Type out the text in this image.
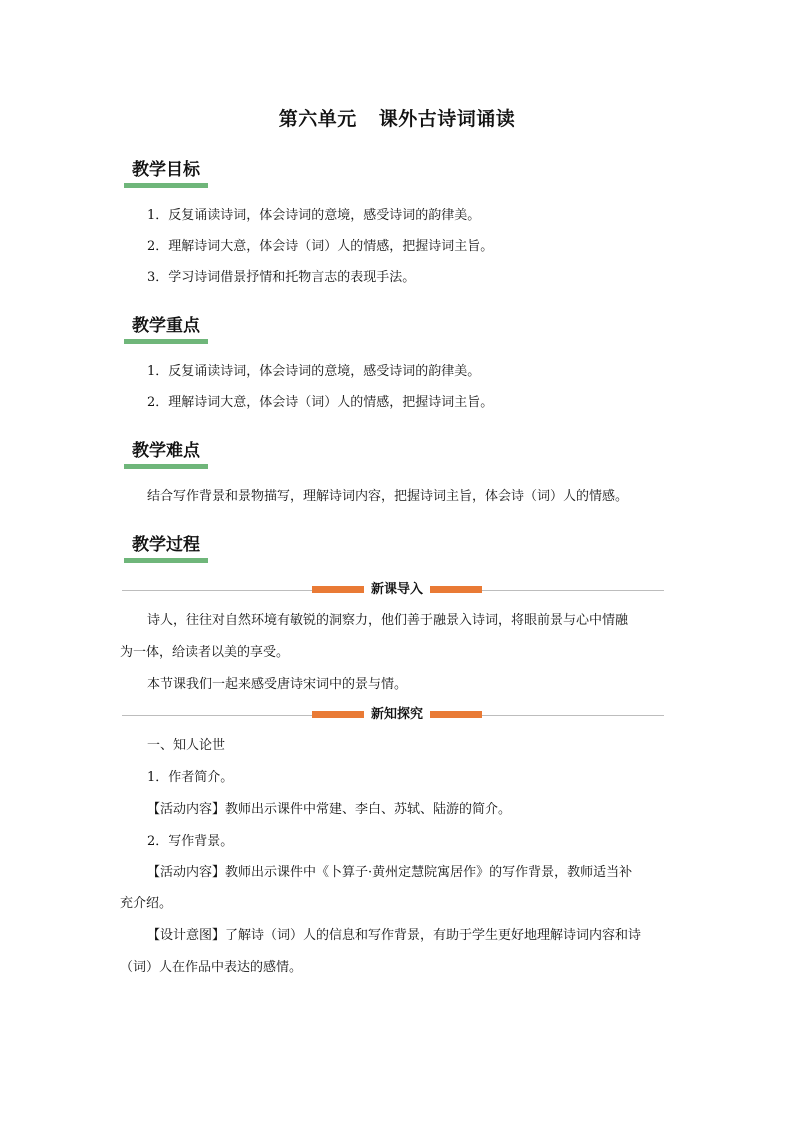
第六单元 课外古诗词诵读
教学目标
1．反复诵读诗词，体会诗词的意境，感受诗词的韵律美。
2．理解诗词大意，体会诗（词）人的情感，把握诗词主旨。
3．学习诗词借景抒情和托物言志的表现手法。
教学重点
1．反复诵读诗词，体会诗词的意境，感受诗词的韵律美。
2．理解诗词大意，体会诗（词）人的情感，把握诗词主旨。
教学难点
结合写作背景和景物描写，理解诗词内容，把握诗词主旨，体会诗（词）人的情感。
教学过程
新课导入
诗人，往往对自然环境有敏锐的洞察力，他们善于融景入诗词，将眼前景与心中情融
为一体，给读者以美的享受。
本节课我们一起来感受唐诗宋词中的景与情。
新知探究
一、知人论世
1．作者简介。
【活动内容】教师出示课件中常建、李白、苏轼、陆游的简介。
2．写作背景。
【活动内容】教师出示课件中《卜算子·黄州定慧院寓居作》的写作背景，教师适当补
充介绍。
【设计意图】了解诗（词）人的信息和写作背景，有助于学生更好地理解诗词内容和诗
（词）人在作品中表达的感情。
